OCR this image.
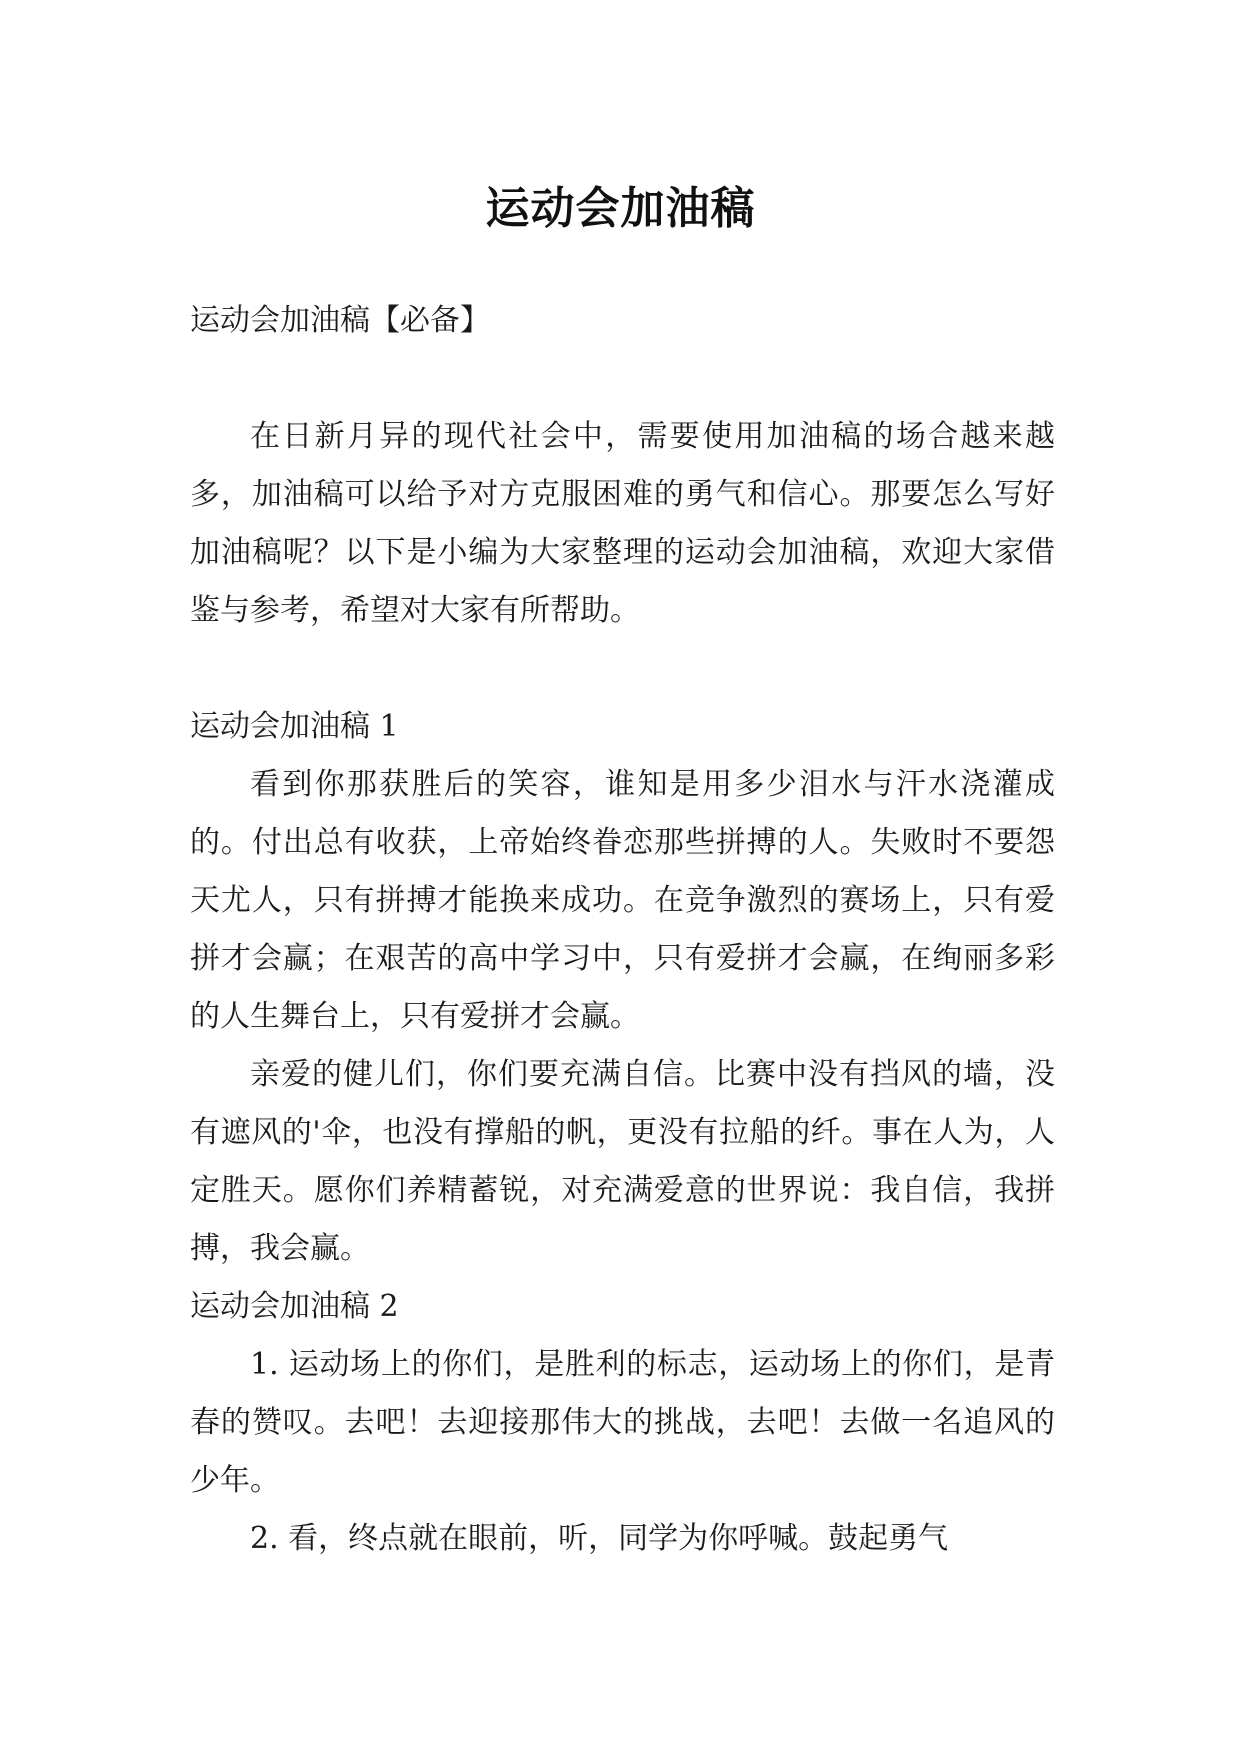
运动会加油稿

运动会加油稿【必备】

在日新月异的现代社会中，需要使用加油稿的场合越来越多，加油稿可以给予对方克服困难的勇气和信心。那要怎么写好加油稿呢？以下是小编为大家整理的运动会加油稿，欢迎大家借鉴与参考，希望对大家有所帮助。

运动会加油稿 1

看到你那获胜后的笑容，谁知是用多少泪水与汗水浇灌成的。付出总有收获，上帝始终眷恋那些拼搏的人。失败时不要怨天尤人，只有拼搏才能换来成功。在竞争激烈的赛场上，只有爱拼才会赢；在艰苦的高中学习中，只有爱拼才会赢，在绚丽多彩的人生舞台上，只有爱拼才会赢。

亲爱的健儿们，你们要充满自信。比赛中没有挡风的墙，没有遮风的'伞，也没有撑船的帆，更没有拉船的纤。事在人为，人定胜天。愿你们养精蓄锐，对充满爱意的世界说：我自信，我拼搏，我会赢。

运动会加油稿 2

1. 运动场上的你们，是胜利的标志，运动场上的你们，是青春的赞叹。去吧！去迎接那伟大的挑战，去吧！去做一名追风的少年。

2. 看，终点就在眼前，听，同学为你呼喊。鼓起勇气
